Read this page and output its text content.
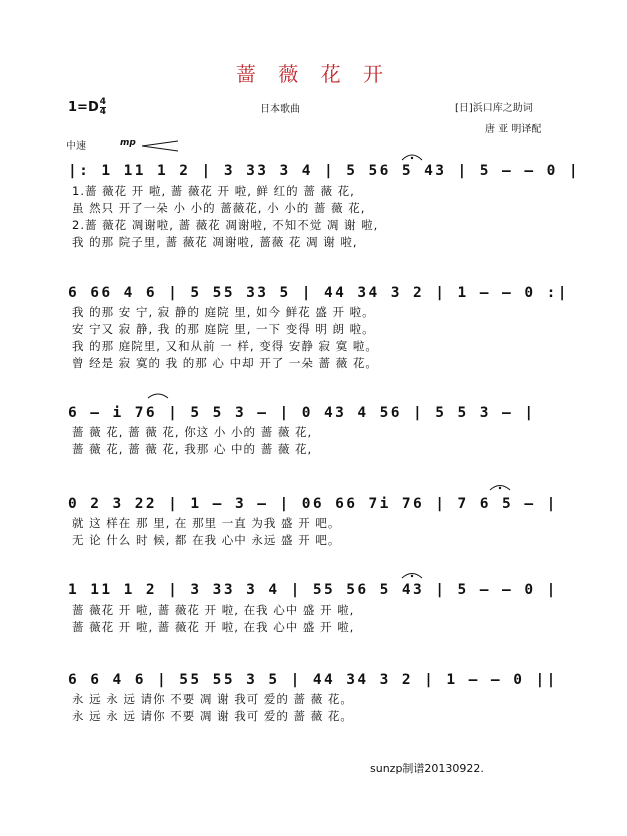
蔷 薇 花 开
$1=D \frac{4}{4}$	日本歌曲	[日]浜口库之助词
唐 亚 明译配
中速	mp
|: 1 11 1 2 | 3 33 3 4 | 5 56 5 43 | 5 – – 0 |
1.蔷 薇花 开 啦, 蔷 薇花 开 啦, 鲜 红的 蔷 薇 花,
虽 然只 开了一朵 小 小的 蔷薇花, 小 小的 蔷 薇 花,
2.蔷 薇花 凋谢啦, 蔷 薇花 凋谢啦, 不知不觉 凋 谢 啦,
我 的那 院子里, 蔷 薇花 凋谢啦, 蔷薇 花 凋 谢 啦,
6 66 4 6 | 5 55 33 5 | 44 34 3 2 | 1 – – 0 :|
我 的那 安 宁, 寂 静的 庭院 里, 如今 鲜花 盛 开 啦。
安 宁又 寂 静, 我 的那 庭院 里, 一下 变得 明 朗 啦。
我 的那 庭院里, 又和从前 一 样, 变得 安静 寂 寞 啦。
曾 经是 寂 寞的 我 的那 心 中却 开了 一朵 蔷 薇 花。
6 – i 76 | 5 5 3 – | 0 43 4 56 | 5 5 3 – |
蔷 薇 花, 蔷 薇 花, 你这 小 小的 蔷 薇 花,
蔷 薇 花, 蔷 薇 花, 我那 心 中的 蔷 薇 花,
0 2 3 22 | 1 – 3 – | 06 66 7i 76 | 7 6 5 – |
就 这 样在 那 里, 在 那里 一直 为我 盛 开 吧。
无 论 什么 时 候, 都 在我 心中 永远 盛 开 吧。
1 11 1 2 | 3 33 3 4 | 55 56 5 43 | 5 – – 0 |
蔷 薇花 开 啦, 蔷 薇花 开 啦, 在我 心中 盛 开 啦,
蔷 薇花 开 啦, 蔷 薇花 开 啦, 在我 心中 盛 开 啦,
6 6 4 6 | 55 55 3 5 | 44 34 3 2 | 1 – – 0 ||
永 远 永 远 请你 不要 凋 谢 我可 爱的 蔷 薇 花。
永 远 永 远 请你 不要 凋 谢 我可 爱的 蔷 薇 花。
sunzp制谱20130922.
